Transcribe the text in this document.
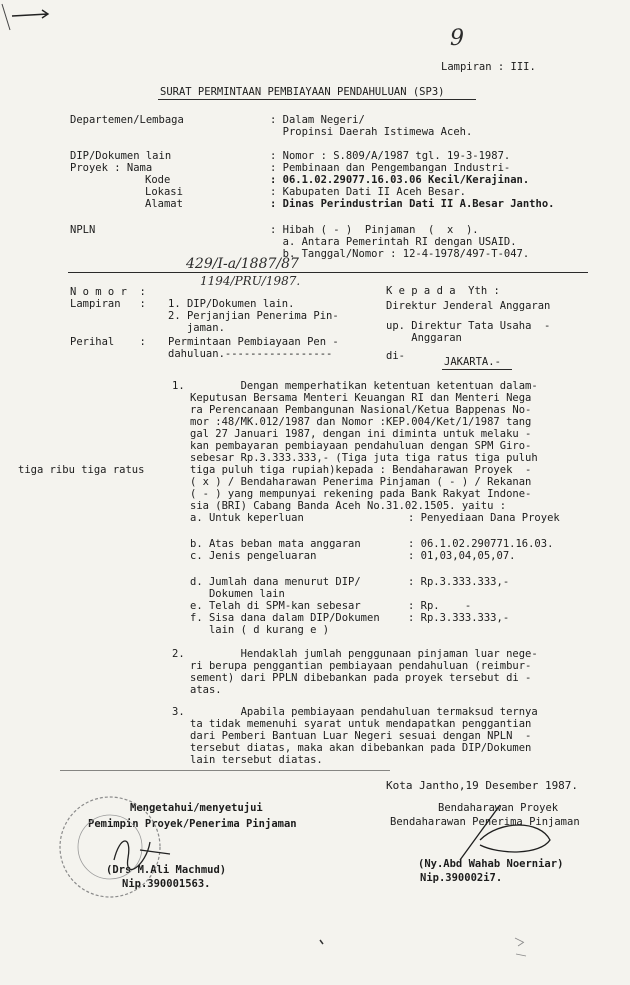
9
Lampiran : III.
SURAT PERMINTAAN PEMBIAYAAN PENDAHULUAN (SP3)
Departemen/Lembaga	: Dalam Negeri/
Propinsi Daerah Istimewa Aceh.
DIP/Dokumen lain	: Nomor : S.809/A/1987 tgl. 19-3-1987.
Proyek : Nama	: Pembinaan dan Pengembangan Industri-
Kode	: 06.1.02.29077.16.03.06 Kecil/Kerajinan.
Lokasi	: Kabupaten Dati II Aceh Besar.
Alamat	: Dinas Perindustrian Dati II A.Besar Jantho.
NPLN	: Hibah ( - )  Pinjaman  (  x  ).
a. Antara Pemerintah RI dengan USAID.
b. Tanggal/Nomor : 12-4-1978/497-T-047.
429/I-a/1887/87
1194/PRU/1987.
N o m o r  :
Lampiran   : 1. DIP/Dokumen lain.
2. Perjanjian Penerima Pin-
jaman.
Perihal    : Permintaan Pembiayaan Pen -
dahuluan.-----------------
K e p a d a  Yth :
Direktur Jenderal Anggaran
up. Direktur Tata Usaha  -
Anggaran
di-	JAKARTA.-
1. Dengan memperhatikan ketentuan ketentuan dalam-
Keputusan Bersama Menteri Keuangan RI dan Menteri Nega
ra Perencanaan Pembangunan Nasional/Ketua Bappenas No-
mor :48/MK.012/1987 dan Nomor :KEP.004/Ket/1/1987 tang
gal 27 Januari 1987, dengan ini diminta untuk melaku -
kan pembayaran pembiayaan pendahuluan dengan SPM Giro-
sebesar Rp.3.333.333,- (Tiga juta tiga ratus tiga puluh
tiga ribu tiga ratus	tiga puluh tiga rupiah)kepada : Bendaharawan Proyek  -
( x ) / Bendaharawan Penerima Pinjaman ( - ) / Rekanan
( - ) yang mempunyai rekening pada Bank Rakyat Indone-
sia (BRI) Cabang Banda Aceh No.31.02.1505. yaitu :
a. Untuk keperluan	: Penyediaan Dana Proyek
b. Atas beban mata anggaran	: 06.1.02.290771.16.03.
c. Jenis pengeluaran	: 01,03,04,05,07.
d. Jumlah dana menurut DIP/	: Rp.3.333.333,-
Dokumen lain
e. Telah di SPM-kan sebesar	: Rp.    -
f. Sisa dana dalam DIP/Dokumen	: Rp.3.333.333,-
lain ( d kurang e )
2. Hendaklah jumlah penggunaan pinjaman luar nege-
ri berupa penggantian pembiayaan pendahuluan (reimbur-
sement) dari PPLN dibebankan pada proyek tersebut di -
atas.
3. Apabila pembiayaan pendahuluan termaksud ternya
ta tidak memenuhi syarat untuk mendapatkan penggantian
dari Pemberi Bantuan Luar Negeri sesuai dengan NPLN  -
tersebut diatas, maka akan dibebankan pada DIP/Dokumen
lain tersebut diatas.
Kota Jantho,19 Desember 1987.
Mengetahui/menyetujui
Pemimpin Proyek/Penerima Pinjaman
(Drs M.Ali Machmud)
Nip.390001563.
Bendaharawan Proyek
Bendaharawan Penerima Pinjaman
(Ny.Abd Wahab Noerniar)
Nip.390002i7.
